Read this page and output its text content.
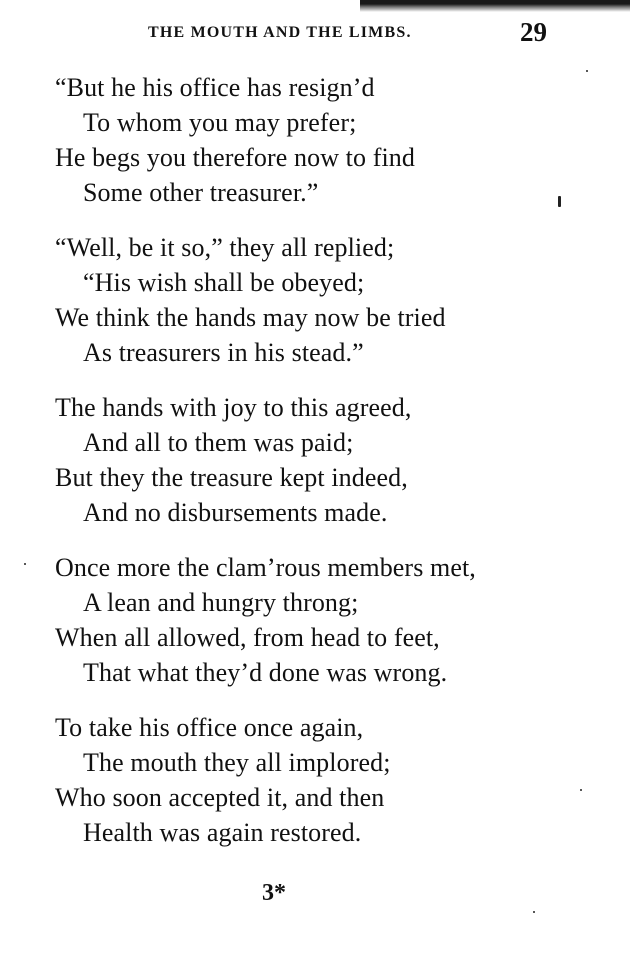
THE MOUTH AND THE LIMBS.	29
“But he his office has resign’d
To whom you may prefer;
He begs you therefore now to find
Some other treasurer.”
“Well, be it so,” they all replied;
“His wish shall be obeyed;
We think the hands may now be tried
As treasurers in his stead.”
The hands with joy to this agreed,
And all to them was paid;
But they the treasure kept indeed,
And no disbursements made.
Once more the clam’rous members met,
A lean and hungry throng;
When all allowed, from head to feet,
That what they’d done was wrong.
To take his office once again,
The mouth they all implored;
Who soon accepted it, and then
Health was again restored.
3*
